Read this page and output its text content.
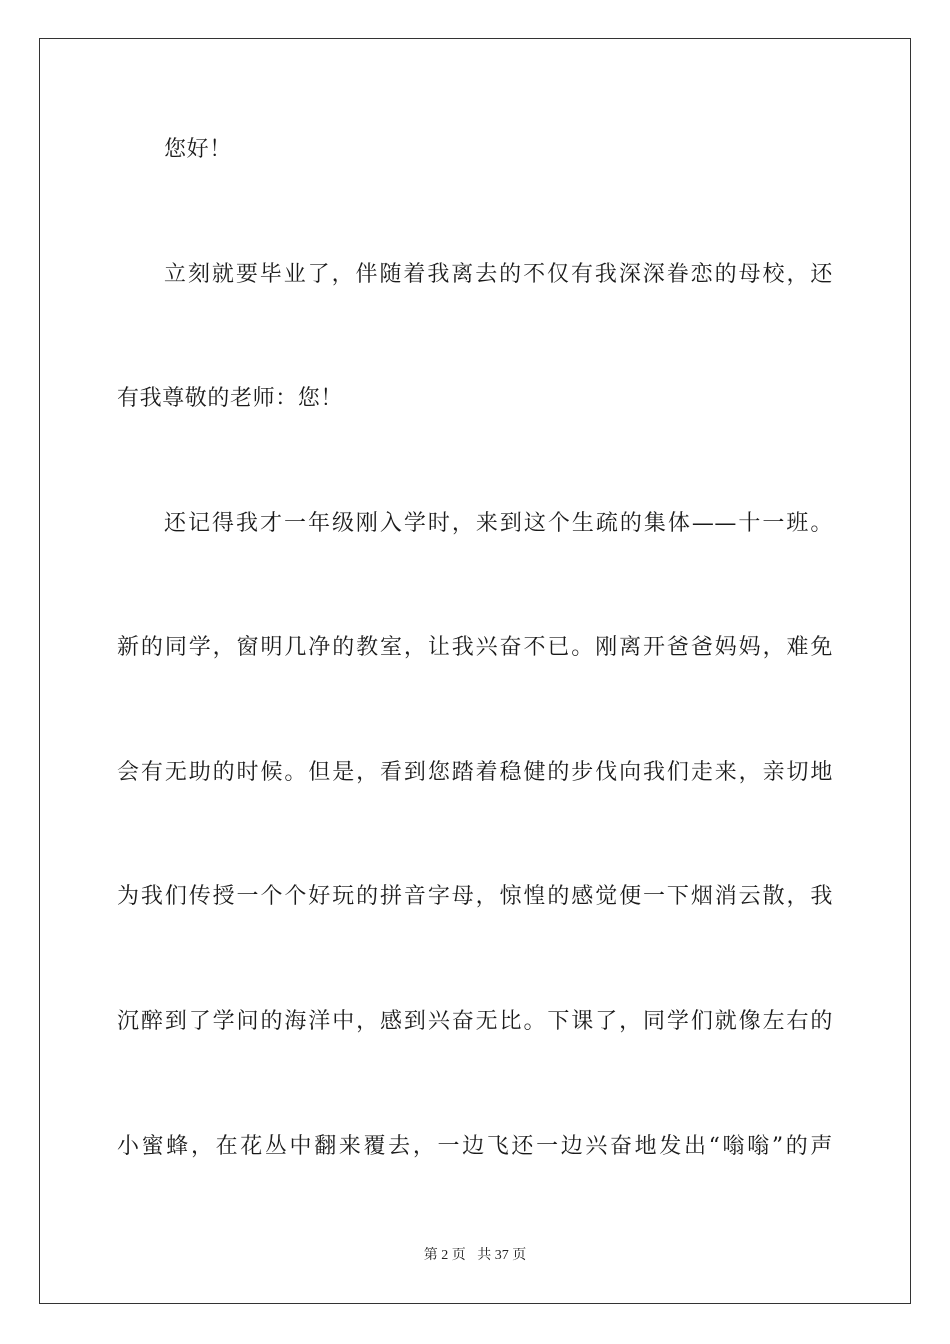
您好！
立刻就要毕业了，伴随着我离去的不仅有我深深眷恋的母校，还
有我尊敬的老师：您！
还记得我才一年级刚入学时，来到这个生疏的集体——十一班。
新的同学，窗明几净的教室，让我兴奋不已。刚离开爸爸妈妈，难免
会有无助的时候。但是，看到您踏着稳健的步伐向我们走来，亲切地
为我们传授一个个好玩的拼音字母，惊惶的感觉便一下烟消云散，我
沉醉到了学问的海洋中，感到兴奋无比。下课了，同学们就像左右的
小蜜蜂，在花丛中翻来覆去，一边飞还一边兴奋地发出“嗡嗡”的声
第 2 页 共 37 页
